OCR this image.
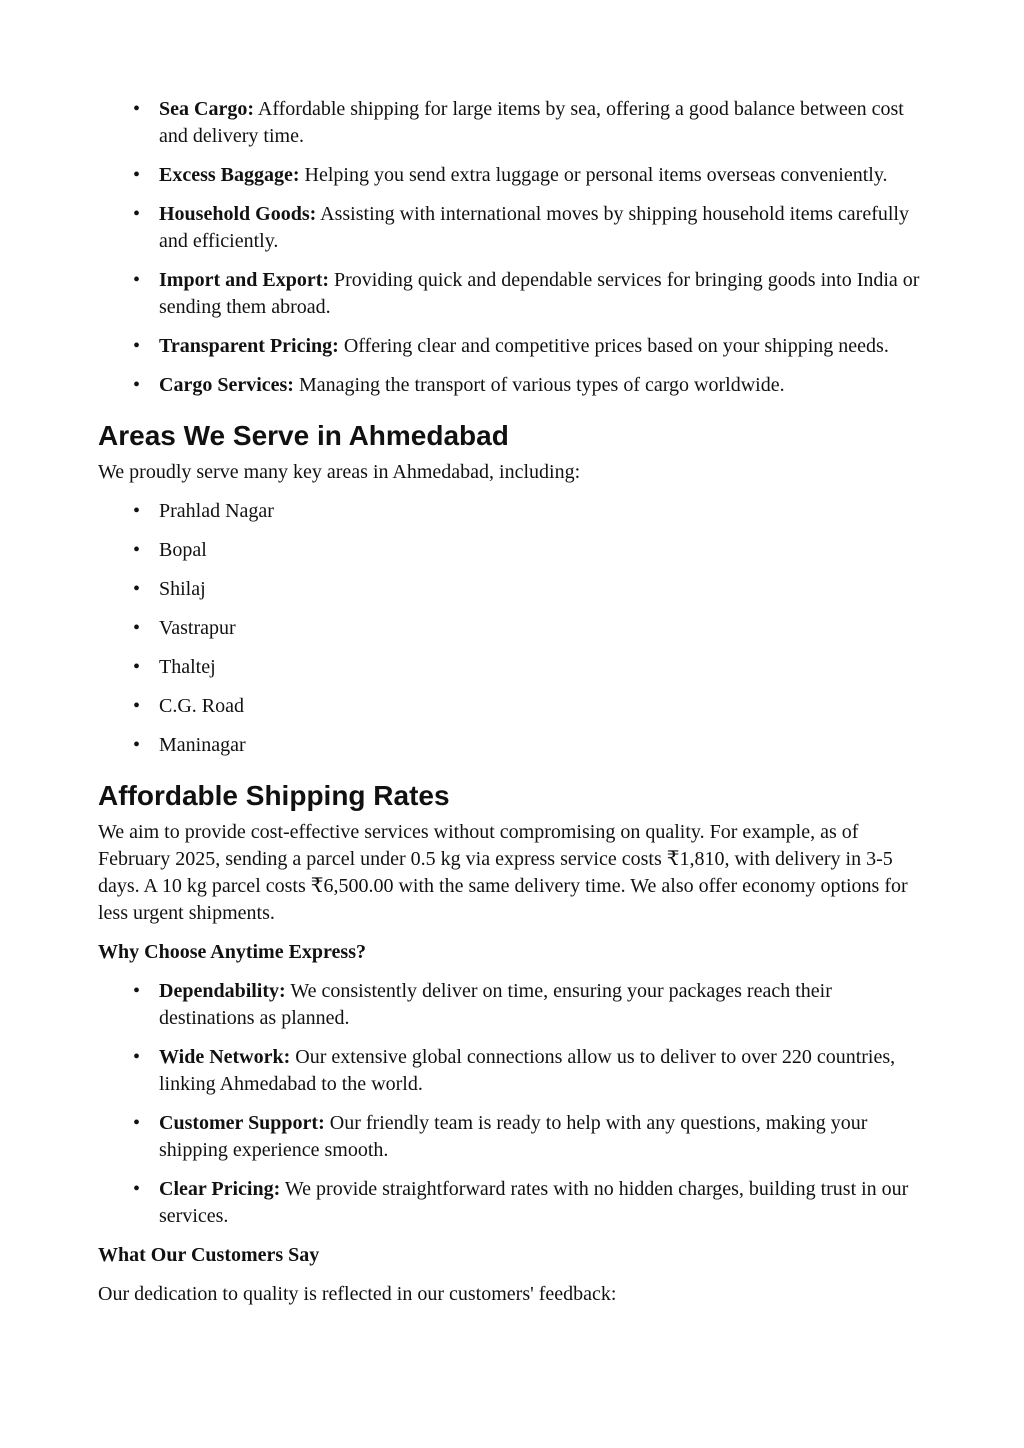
• Sea Cargo: Affordable shipping for large items by sea, offering a good balance between cost and delivery time.
• Excess Baggage: Helping you send extra luggage or personal items overseas conveniently.
• Household Goods: Assisting with international moves by shipping household items carefully and efficiently.
• Import and Export: Providing quick and dependable services for bringing goods into India or sending them abroad.
• Transparent Pricing: Offering clear and competitive prices based on your shipping needs.
• Cargo Services: Managing the transport of various types of cargo worldwide.
Areas We Serve in Ahmedabad

We proudly serve many key areas in Ahmedabad, including:

• Prahlad Nagar
• Bopal
• Shilaj
• Vastrapur
• Thaltej
• C.G. Road
• Maninagar
Affordable Shipping Rates

We aim to provide cost-effective services without compromising on quality. For example, as of February 2025, sending a parcel under 0.5 kg via express service costs ₹1,810, with delivery in 3-5 days. A 10 kg parcel costs ₹6,500.00 with the same delivery time. We also offer economy options for less urgent shipments.

Why Choose Anytime Express?

• Dependability: We consistently deliver on time, ensuring your packages reach their destinations as planned.
• Wide Network: Our extensive global connections allow us to deliver to over 220 countries, linking Ahmedabad to the world.
• Customer Support: Our friendly team is ready to help with any questions, making your shipping experience smooth.
• Clear Pricing: We provide straightforward rates with no hidden charges, building trust in our services.

What Our Customers Say

Our dedication to quality is reflected in our customers' feedback:
